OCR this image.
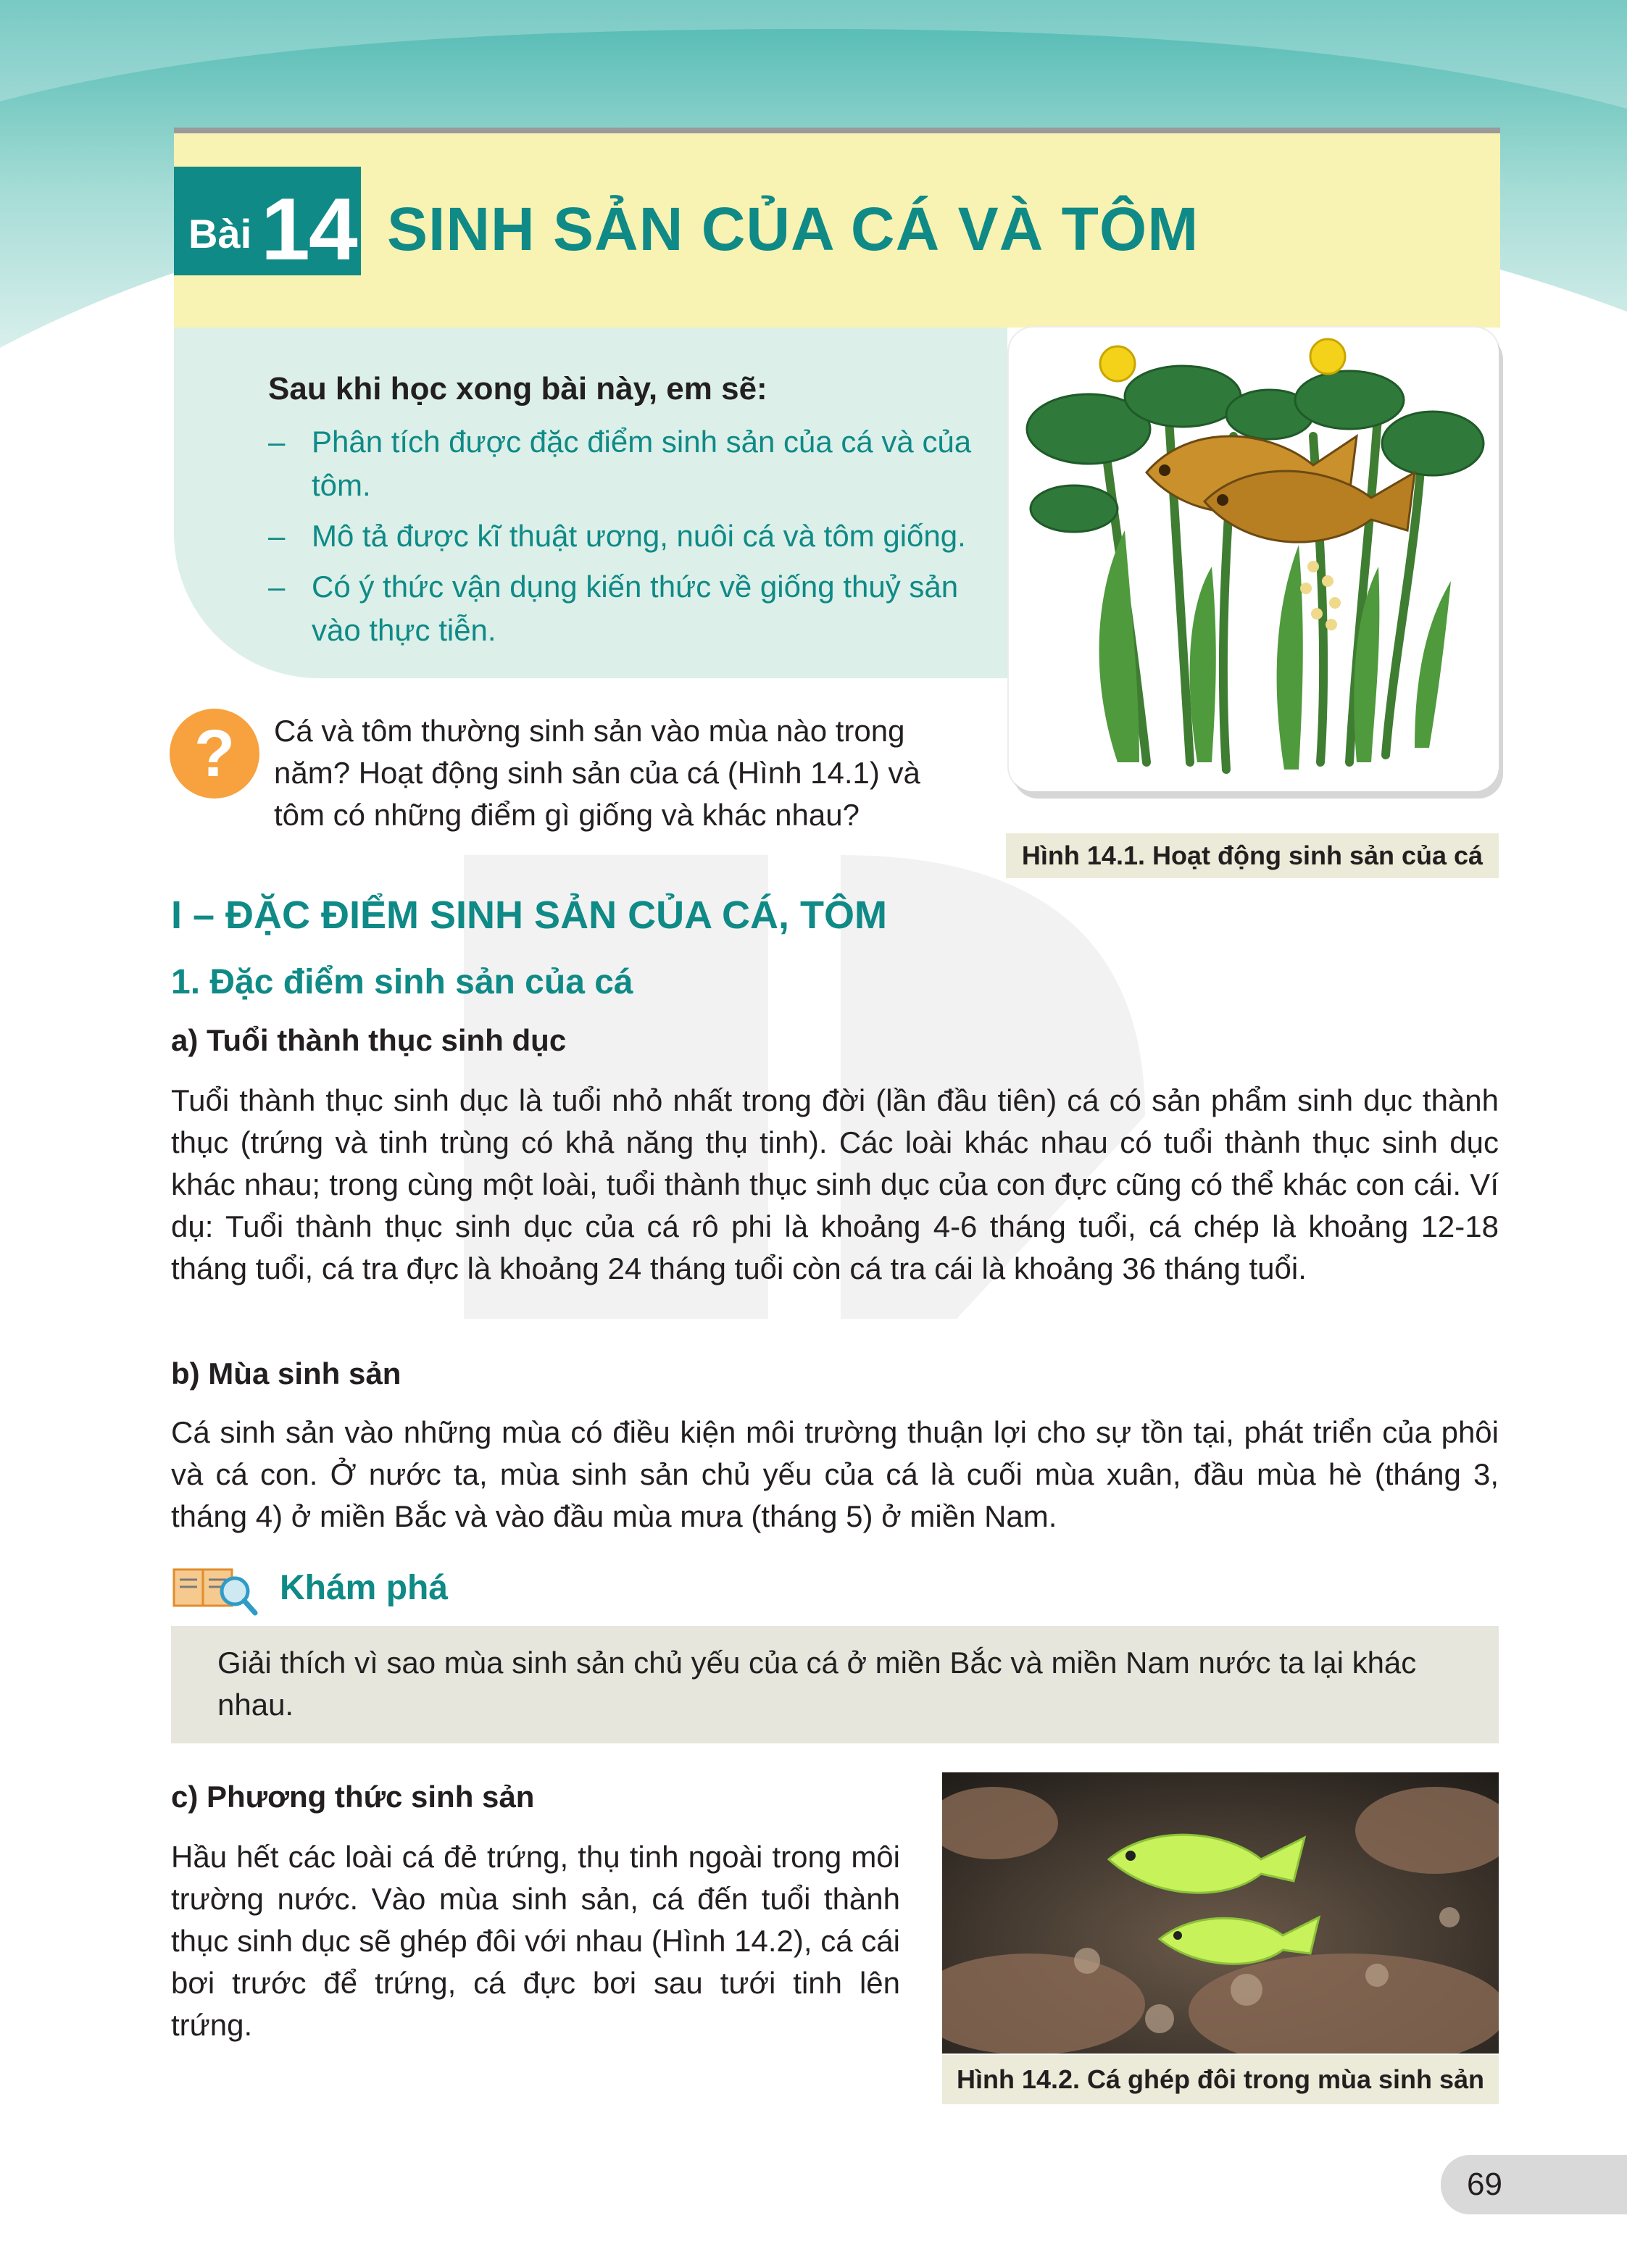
Bài 14 SINH SẢN CỦA CÁ VÀ TÔM
Sau khi học xong bài này, em sẽ:
– Phân tích được đặc điểm sinh sản của cá và của tôm.
– Mô tả được kĩ thuật ương, nuôi cá và tôm giống.
– Có ý thức vận dụng kiến thức về giống thuỷ sản vào thực tiễn.
Hình 14.1. Hoạt động sinh sản của cá
?	Cá và tôm thường sinh sản vào mùa nào trong năm? Hoạt động sinh sản của cá (Hình 14.1) và tôm có những điểm gì giống và khác nhau?
I – ĐẶC ĐIỂM SINH SẢN CỦA CÁ, TÔM
1. Đặc điểm sinh sản của cá
a) Tuổi thành thục sinh dục
Tuổi thành thục sinh dục là tuổi nhỏ nhất trong đời (lần đầu tiên) cá có sản phẩm sinh dục thành thục (trứng và tinh trùng có khả năng thụ tinh). Các loài khác nhau có tuổi thành thục sinh dục khác nhau; trong cùng một loài, tuổi thành thục sinh dục của con đực cũng có thể khác con cái. Ví dụ: Tuổi thành thục sinh dục của cá rô phi là khoảng 4-6 tháng tuổi, cá chép là khoảng 12-18 tháng tuổi, cá tra đực là khoảng 24 tháng tuổi còn cá tra cái là khoảng 36 tháng tuổi.
b) Mùa sinh sản
Cá sinh sản vào những mùa có điều kiện môi trường thuận lợi cho sự tồn tại, phát triển của phôi và cá con. Ở nước ta, mùa sinh sản chủ yếu của cá là cuối mùa xuân, đầu mùa hè (tháng 3, tháng 4) ở miền Bắc và vào đầu mùa mưa (tháng 5) ở miền Nam.
Khám phá
Giải thích vì sao mùa sinh sản chủ yếu của cá ở miền Bắc và miền Nam nước ta lại khác nhau.
c) Phương thức sinh sản
Hầu hết các loài cá đẻ trứng, thụ tinh ngoài trong môi trường nước. Vào mùa sinh sản, cá đến tuổi thành thục sinh dục sẽ ghép đôi với nhau (Hình 14.2), cá cái bơi trước để trứng, cá đực bơi sau tưới tinh lên trứng.
Hình 14.2. Cá ghép đôi trong mùa sinh sản
69
